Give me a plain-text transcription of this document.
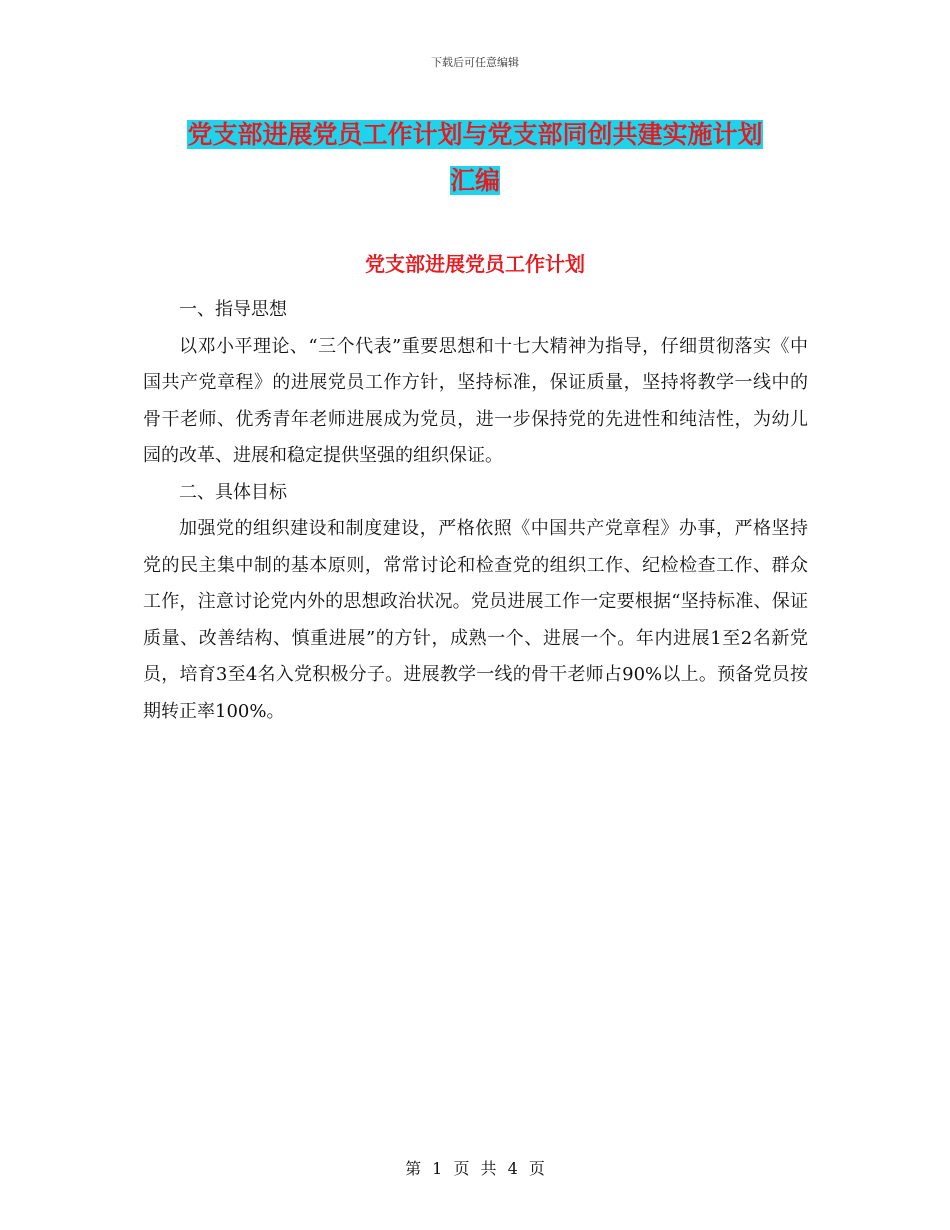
下载后可任意编辑
党支部进展党员工作计划与党支部同创共建实施计划
汇编
党支部进展党员工作计划

一、指导思想

以邓小平理论、“三个代表”重要思想和十七大精神为指导，仔细贯彻落实《中国共产党章程》的进展党员工作方针，坚持标准，保证质量，坚持将教学一线中的骨干老师、优秀青年老师进展成为党员，进一步保持党的先进性和纯洁性，为幼儿园的改革、进展和稳定提供坚强的组织保证。

二、具体目标

加强党的组织建设和制度建设，严格依照《中国共产党章程》办事，严格坚持党的民主集中制的基本原则，常常讨论和检查党的组织工作、纪检检查工作、群众工作，注意讨论党内外的思想政治状况。党员进展工作一定要根据“坚持标准、保证质量、改善结构、慎重进展”的方针，成熟一个、进展一个。年内进展1至2名新党员，培育3至4名入党积极分子。进展教学一线的骨干老师占90%以上。预备党员按期转正率100%。

第 1 页 共 4 页
